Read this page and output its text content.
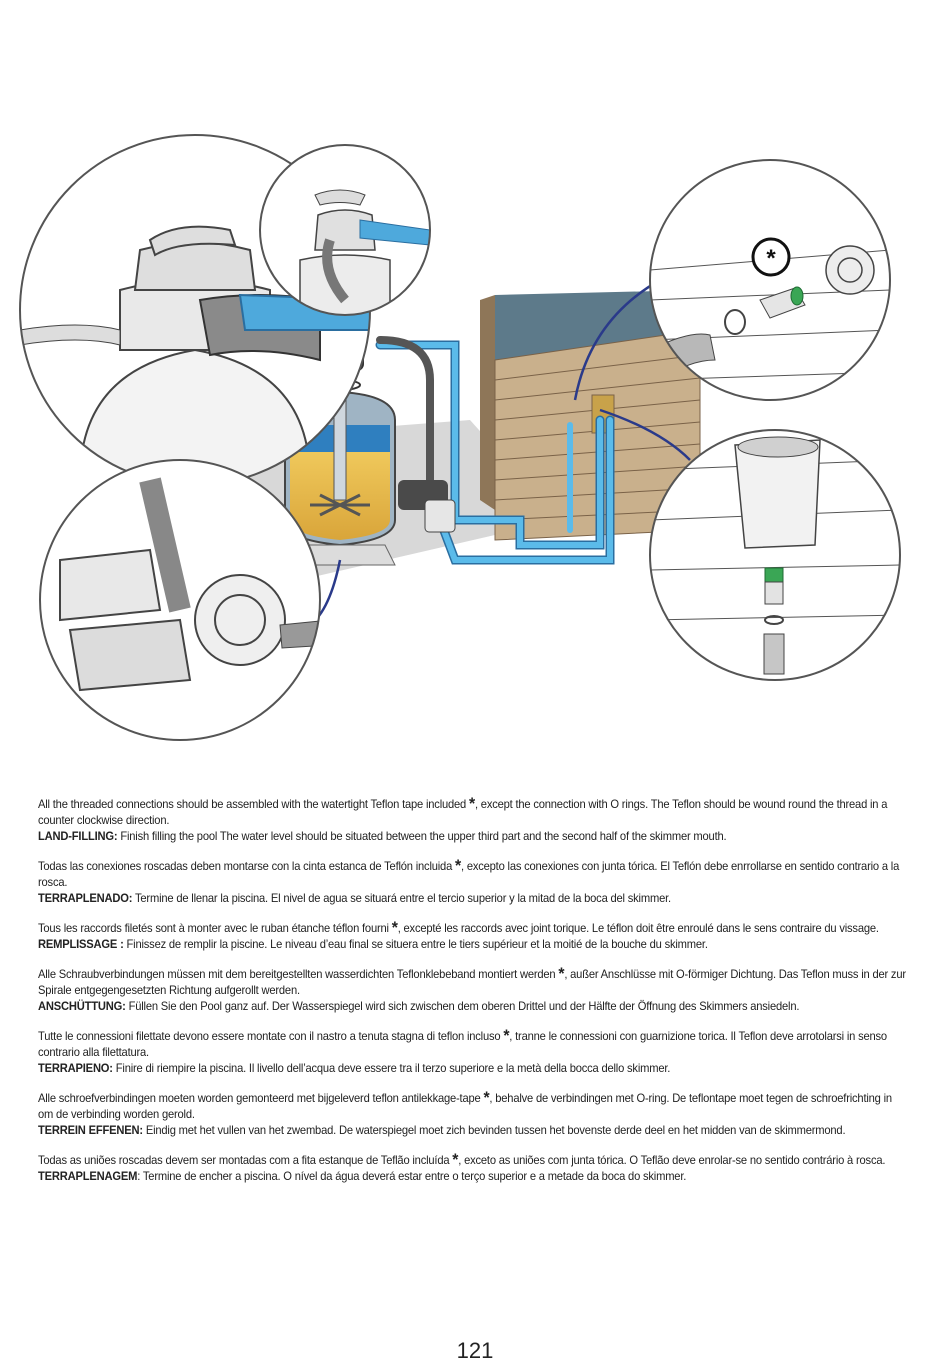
*

All the threaded connections should be assembled with the watertight Teflon tape included *, except the connection with O rings. The Teflon should be wound round the thread in a counter clockwise direction.
LAND-FILLING: Finish filling the pool The water level should be situated between the upper third part and the second half of the skimmer mouth.

Todas las conexiones roscadas deben montarse con la cinta estanca de Teflón incluida *, excepto las conexiones con junta tórica. El Teflón debe enrrollarse en sentido contrario a la rosca.
TERRAPLENADO: Termine de llenar la piscina. El nivel de agua se situará entre el tercio superior y la mitad de la boca del skimmer.

Tous les raccords filetés sont à monter avec le ruban étanche téflon fourni *, excepté les raccords avec joint torique. Le téflon doit être enroulé dans le sens contraire du vissage.
REMPLISSAGE : Finissez de remplir la piscine. Le niveau d’eau final se situera entre le tiers supérieur et la moitié de la bouche du skimmer.

Alle Schraubverbindungen müssen mit dem bereitgestellten wasserdichten Teflonklebeband montiert werden *, außer Anschlüsse mit O-förmiger Dichtung. Das Teflon muss in der zur Spirale entgegengesetzten Richtung aufgerollt werden.
ANSCHÜTTUNG: Füllen Sie den Pool ganz auf. Der Wasserspiegel wird sich zwischen dem oberen Drittel und der Hälfte der Öffnung des Skimmers ansiedeln.

Tutte le connessioni filettate devono essere montate con il nastro a tenuta stagna di teflon incluso *, tranne le connessioni con guarnizione torica. Il Teflon deve arrotolarsi in senso contrario alla filettatura.
TERRAPIENO: Finire di riempire la piscina. Il livello dell’acqua deve essere tra il terzo superiore e la metà della bocca dello skimmer.

Alle schroefverbindingen moeten worden gemonteerd met bijgeleverd teflon antilekkage-tape *, behalve de verbindingen met O-ring. De teflontape moet tegen de schroefrichting in om de verbinding worden gerold.
TERREIN EFFENEN: Eindig met het vullen van het zwembad. De waterspiegel moet zich bevinden tussen het bovenste derde deel en het midden van de skimmermond.

Todas as uniões roscadas devem ser montadas com a fita estanque de Teflão incluída *, exceto as uniões com junta tórica. O Teflão deve enrolar-se no sentido contrário à rosca.
TERRAPLENAGEM: Termine de encher a piscina. O nível da água deverá estar entre o terço superior e a metade da boca do skimmer.

121
